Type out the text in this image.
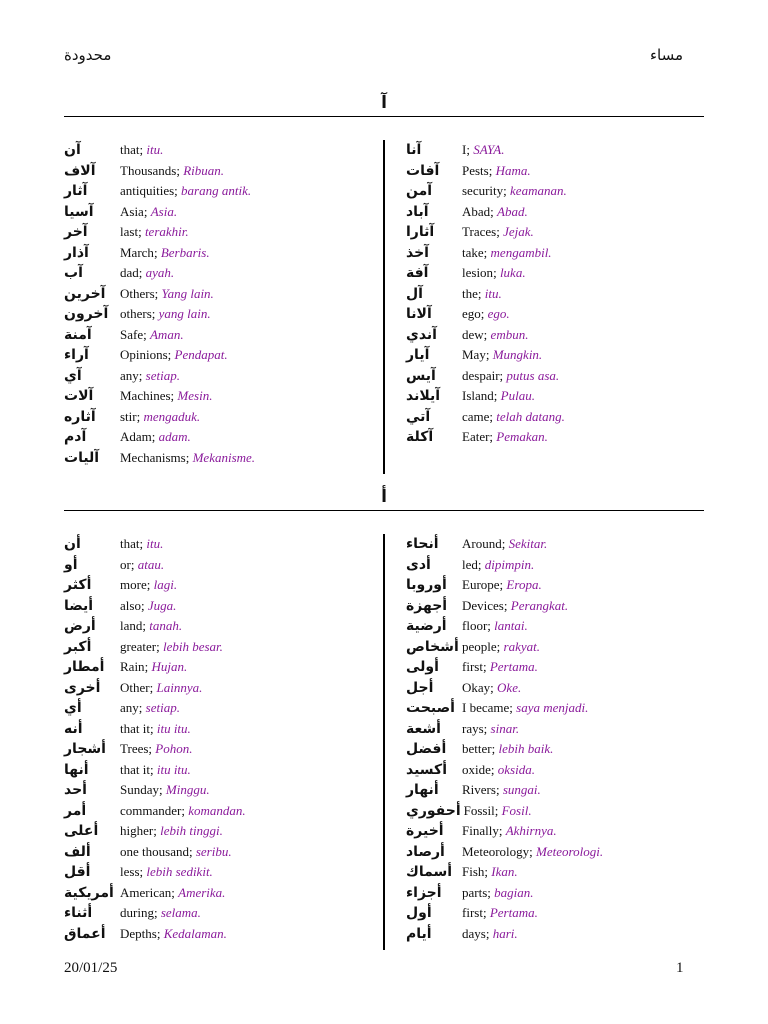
محدودة	مساء
آ
آن	that ; itu.
آلاف	Thousands ; Ribuan.
آثار	antiquities ; barang antik.
آسيا	Asia ; Asia.
آخر	last ; terakhir.
آذار	March ; Berbaris.
آب	dad ; ayah.
آخرين	Others ; Yang lain.
آخرون others ; yang lain.
آمنة	Safe ; Aman.
آراء	Opinions ; Pendapat.
آي	any ; setiap.
آلات	Machines ; Mesin.
آثاره	stir ; mengaduk.
آدم	Adam ; adam.
آليات	Mechanisms ; Mekanisme.
آنا	I ; SAYA.
آفات	Pests ; Hama.
آمن	security ; keamanan.
آباد	Abad ; Abad.
آثارا	Traces ; Jejak.
آخذ	take ; mengambil.
آفة	lesion ; luka.
آل	the ; itu.
آلانا	ego ; ego.
آندي	dew ; embun.
آيار	May ; Mungkin.
آيس	despair ; putus asa.
آيلاند	Island ; Pulau.
آتي	came ; telah datang.
آكلة	Eater ; Pemakan.
أ
أن	that ; itu.
أو	or ; atau.
أكثر	more ; lagi.
أيضا	also ; Juga.
أرض	land ; tanah.
أكبر	greater ; lebih besar.
أمطار	Rain ; Hujan.
أخرى	Other ; Lainnya.
أي	any ; setiap.
أنه	that it ; itu itu.
أشجار	Trees ; Pohon.
أنها	that it ; itu itu.
أحد	Sunday ; Minggu.
أمر	commander ; komandan.
أعلى	higher ; lebih tinggi.
ألف	one thousand ; seribu.
أقل	less ; lebih sedikit.
أمريكية American ; Amerika.
أثناء	during ; selama.
أعماق	Depths ; Kedalaman.
أنحاء	Around ; Sekitar.
أدى	led ; dipimpin.
أوروبا	Europe ; Eropa.
أجهزة	Devices ; Perangkat.
أرضية	floor ; lantai.
أشخاص people ; rakyat.
أولى	first ; Pertama.
أجل	Okay ; Oke.
أصبحت I became ; saya menjadi.
أشعة	rays ; sinar.
أفضل	better ; lebih baik.
أكسيد	oxide ; oksida.
أنهار	Rivers ; sungai.
أحفوري Fossil ; Fosil.
أخيرة	Finally ; Akhirnya.
أرصاد	Meteorology ; Meteorologi.
أسماك Fish ; Ikan.
أجزاء	parts ; bagian.
أول	first ; Pertama.
أيام	days ; hari.
20/01/25	1
